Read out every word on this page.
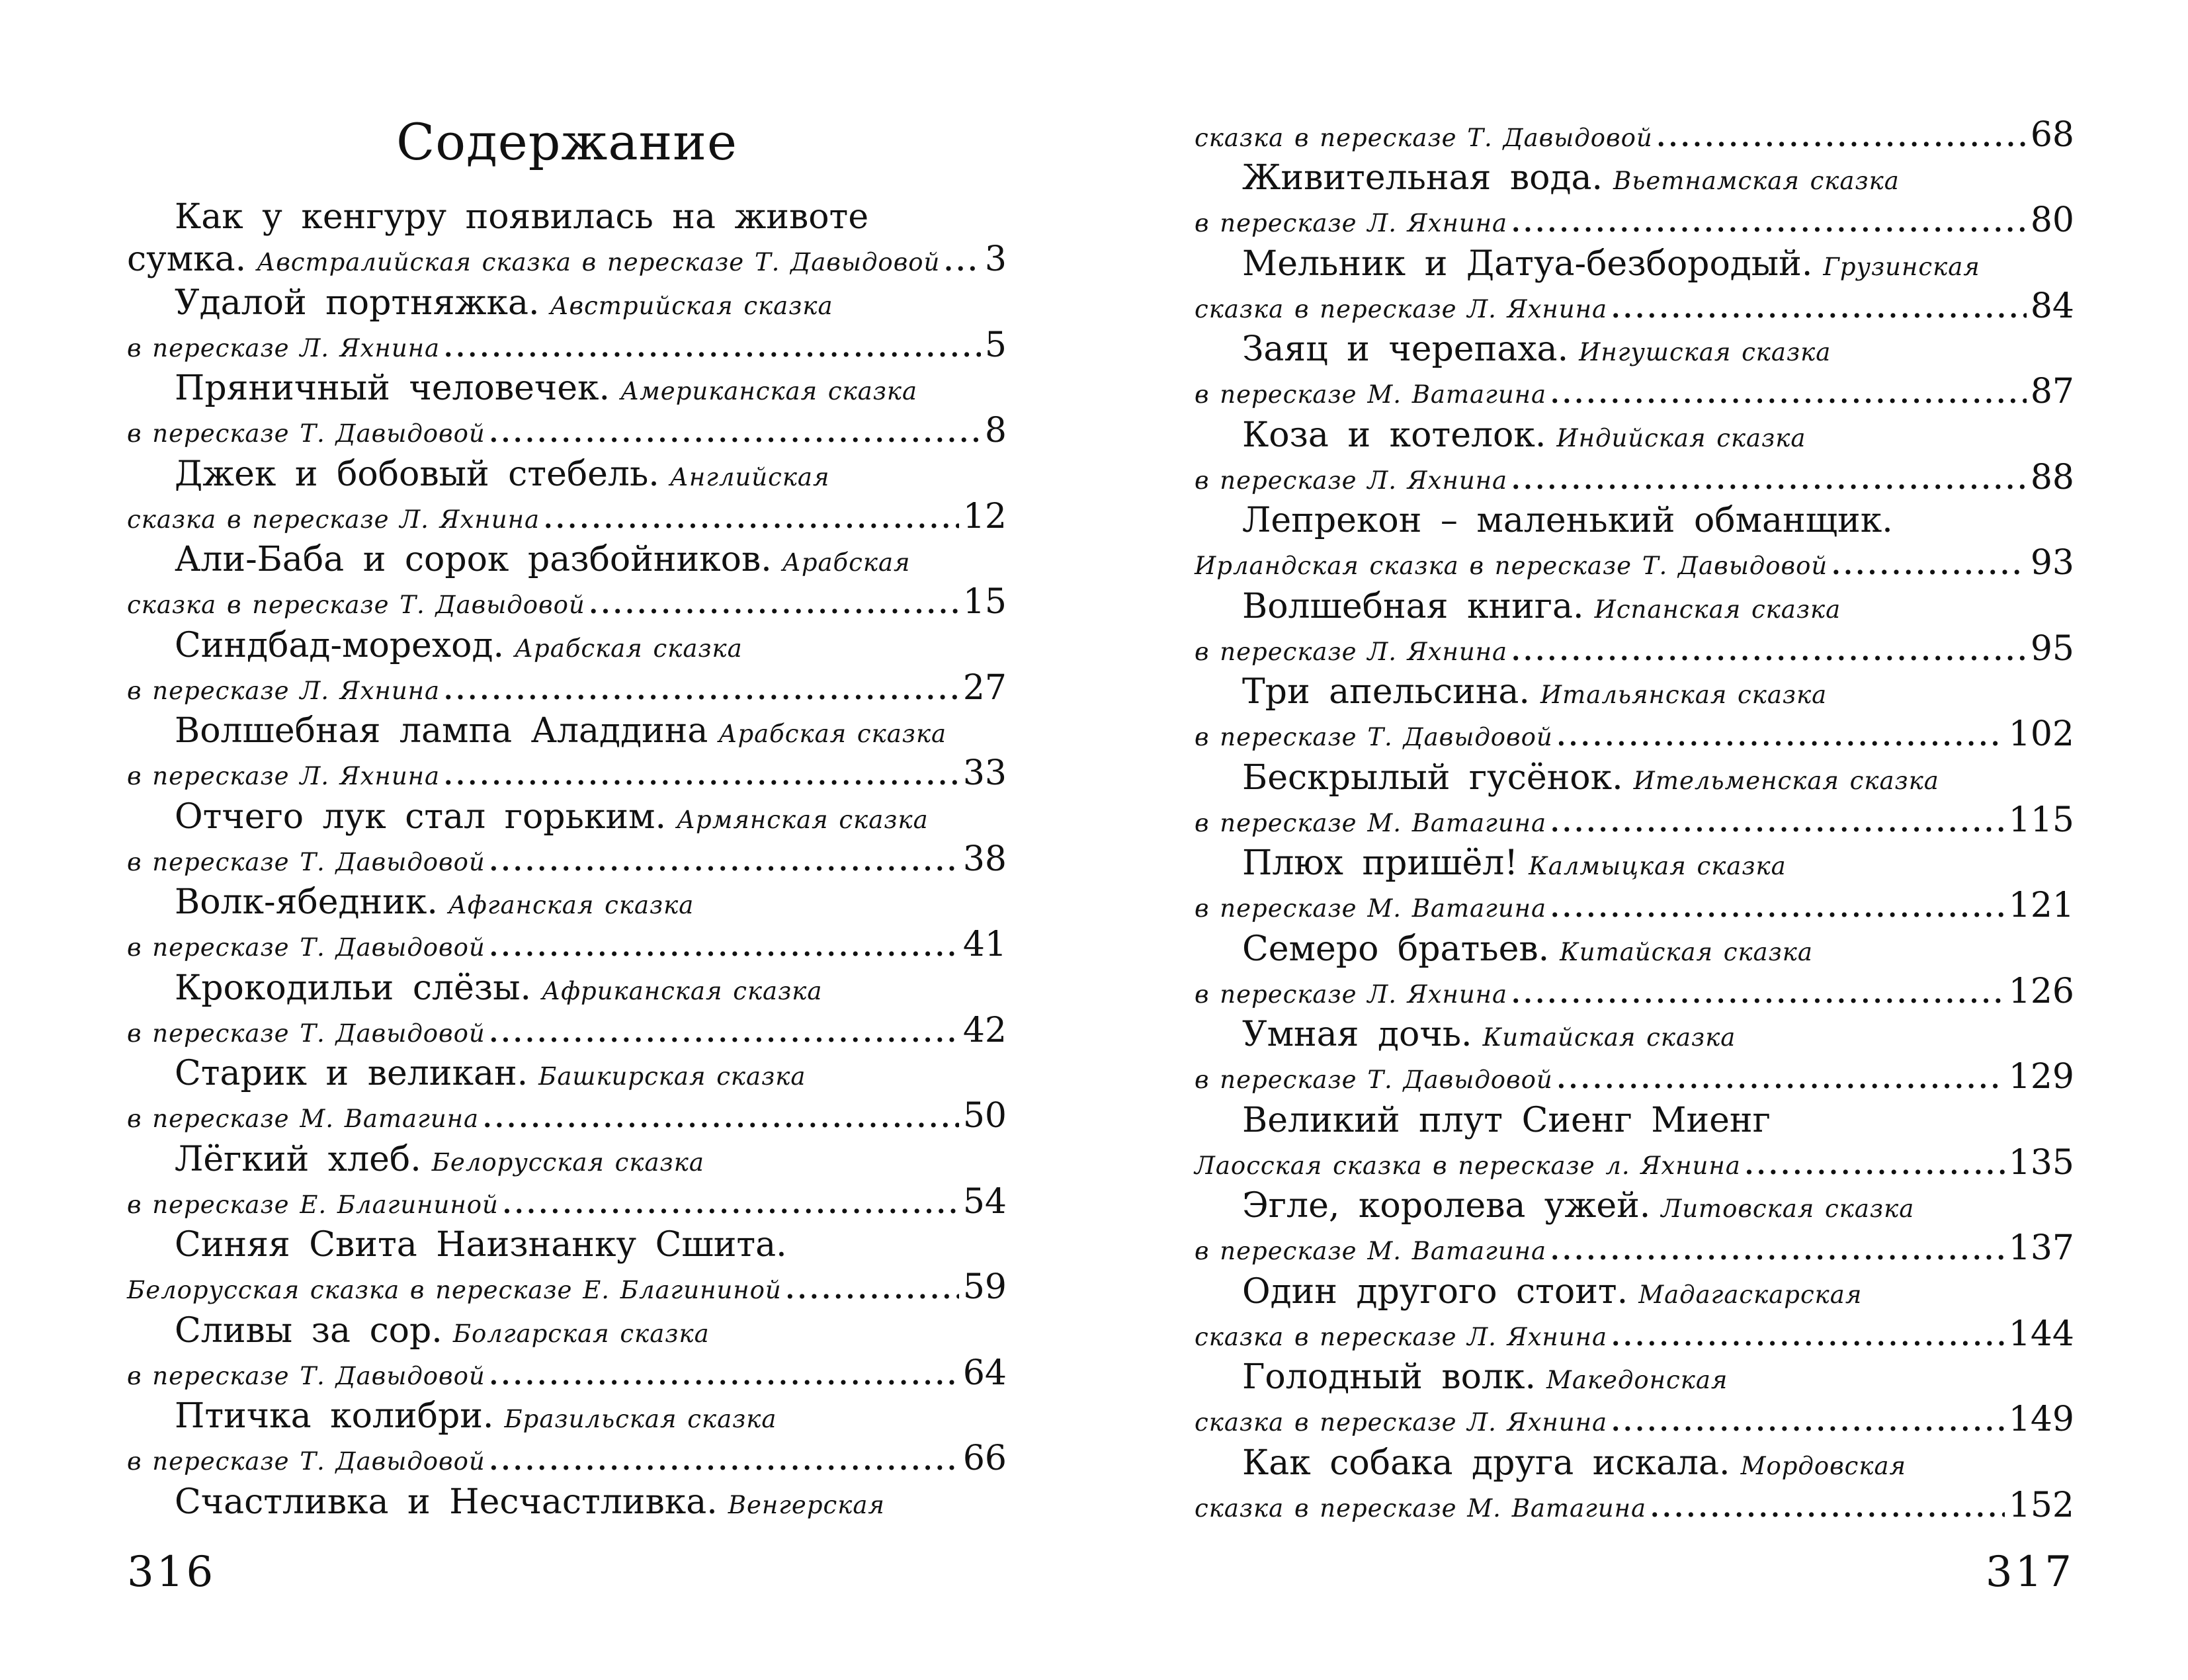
Содержание
Как у кенгуру появилась на животе
сумка. Австралийская сказка в пересказе Т. Давыдовой ..... 3
Удалой портняжка. Австрийская сказка
в пересказе Л. Яхнина .....	5
Пряничный человечек. Американская сказка
в пересказе Т. Давыдовой .....	8
Джек и бобовый стебель. Английская
сказка в пересказе Л. Яхнина .....	12
Али-Баба и сорок разбойников. Арабская
сказка в пересказе Т. Давыдовой .....	15
Синдбад-мореход. Арабская сказка
в пересказе Л. Яхнина .....	27
Волшебная лампа Аладдина Арабская сказка
в пересказе Л. Яхнина .....	33
Отчего лук стал горьким. Армянская сказка
в пересказе Т. Давыдовой .....	38
Волк-ябедник. Афганская сказка
в пересказе Т. Давыдовой .....	41
Крокодильи слёзы. Африканская сказка
в пересказе Т. Давыдовой .....	42
Старик и великан. Башкирская сказка
в пересказе М. Ватагина .....	50
Лёгкий хлеб. Белорусская сказка
в пересказе Е. Благининой .....	54
Синяя Свита Наизнанку Сшита.
Белорусская сказка в пересказе Е. Благининой .....	59
Сливы за сор. Болгарская сказка
в пересказе Т. Давыдовой .....	64
Птичка колибри. Бразильская сказка
в пересказе Т. Давыдовой .....	66
Счастливка и Несчастливка. Венгерская
316
сказка в пересказе Т. Давыдовой .....	68
Живительная вода. Вьетнамская сказка
в пересказе Л. Яхнина .....	80
Мельник и Датуа-безбородый. Грузинская
сказка в пересказе Л. Яхнина .....	84
Заяц и черепаха. Ингушская сказка
в пересказе М. Ватагина .....	87
Коза и котелок. Индийская сказка
в пересказе Л. Яхнина .....	88
Лепрекон – маленький обманщик.
Ирландская сказка в пересказе Т. Давыдовой .....	93
Волшебная книга. Испанская сказка
в пересказе Л. Яхнина .....	95
Три апельсина. Итальянская сказка
в пересказе Т. Давыдовой .....	102
Бескрылый гусёнок. Ительменская сказка
в пересказе М. Ватагина .....	115
Плюх пришёл! Калмыцкая сказка
в пересказе М. Ватагина .....	121
Семеро братьев. Китайская сказка
в пересказе Л. Яхнина .....	126
Умная дочь. Китайская сказка
в пересказе Т. Давыдовой .....	129
Великий плут Сиенг Миенг
Лаосская сказка в пересказе л. Яхнина .....	135
Эгле, королева ужей. Литовская сказка
в пересказе М. Ватагина .....	137
Один другого стоит. Мадагаскарская
сказка в пересказе Л. Яхнина .....	144
Голодный волк. Македонская
сказка в пересказе Л. Яхнина .....	149
Как собака друга искала. Мордовская
сказка в пересказе М. Ватагина .....	152
317
